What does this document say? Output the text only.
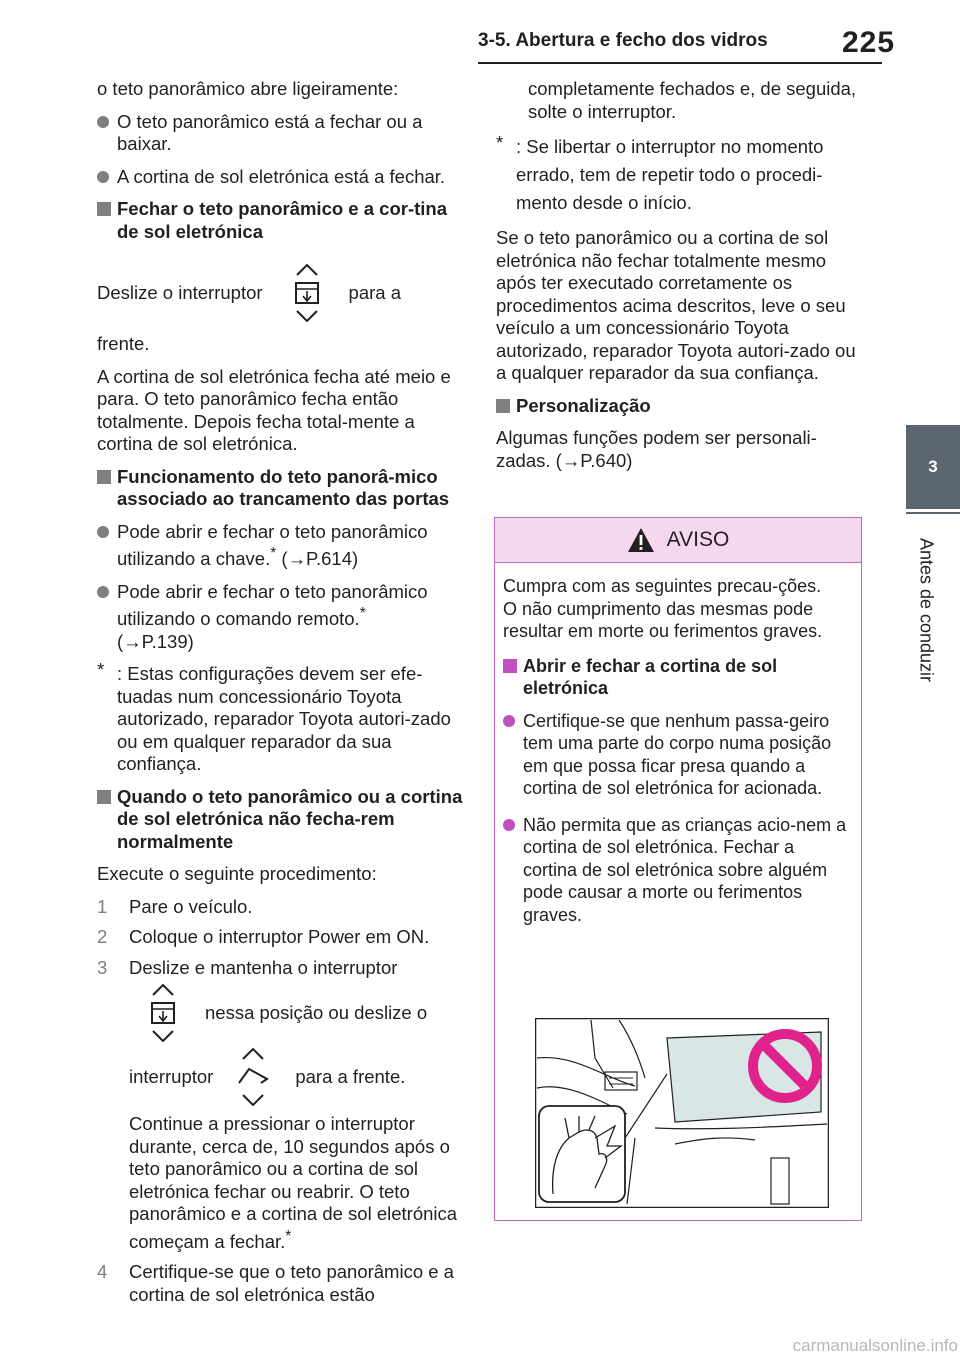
3-5. Abertura e fecho dos vidros 225
3
Antes de conduzir

o teto panorâmico abre ligeiramente:

O teto panorâmico está a fechar ou a baixar.
A cortina de sol eletrónica está a fechar.
Fechar o teto panorâmico e a cor-tina de sol eletrónica
Deslize o interruptor	para a

frente.

A cortina de sol eletrónica fecha até meio e para. O teto panorâmico fecha então totalmente. Depois fecha total-mente a cortina de sol eletrónica.

Funcionamento do teto panorâ-mico associado ao trancamento das portas
Pode abrir e fechar o teto panorâmico utilizando a chave.* (→P.614)
Pode abrir e fechar o teto panorâmico utilizando o comando remoto.*
(→P.139)
* : Estas configurações devem ser efe-tuadas num concessionário Toyota autorizado, reparador Toyota autori-zado ou em qualquer reparador da sua confiança.
Quando o teto panorâmico ou a cortina de sol eletrónica não fecha-rem normalmente

Execute o seguinte procedimento:

1 Pare o veículo.
2 Coloque o interruptor Power em ON.
3 Deslize e mantenha o interruptor
nessa posição ou deslize o
interruptor	para a frente.

Continue a pressionar o interruptor durante, cerca de, 10 segundos após o teto panorâmico ou a cortina de sol eletrónica fechar ou reabrir. O teto panorâmico e a cortina de sol eletrónica começam a fechar.*

4 Certifique-se que o teto panorâmico e a cortina de sol eletrónica estão

completamente fechados e, de seguida, solte o interruptor.

* : Se libertar o interruptor no momento errado, tem de repetir todo o procedi-mento desde o início.

Se o teto panorâmico ou a cortina de sol eletrónica não fechar totalmente mesmo após ter executado corretamente os procedimentos acima descritos, leve o seu veículo a um concessionário Toyota autorizado, reparador Toyota autori-zado ou a qualquer reparador da sua confiança.

Personalização

Algumas funções podem ser personali-zadas. (→P.640)

AVISO

Cumpra com as seguintes precau-ções.
O não cumprimento das mesmas pode resultar em morte ou ferimentos graves.

Abrir e fechar a cortina de sol eletrónica
Certifique-se que nenhum passa-geiro tem uma parte do corpo numa posição em que possa ficar presa quando a cortina de sol eletrónica for acionada.
Não permita que as crianças acio-nem a cortina de sol eletrónica. Fechar a cortina de sol eletrónica sobre alguém pode causar a morte ou ferimentos graves.
carmanualsonline.info
